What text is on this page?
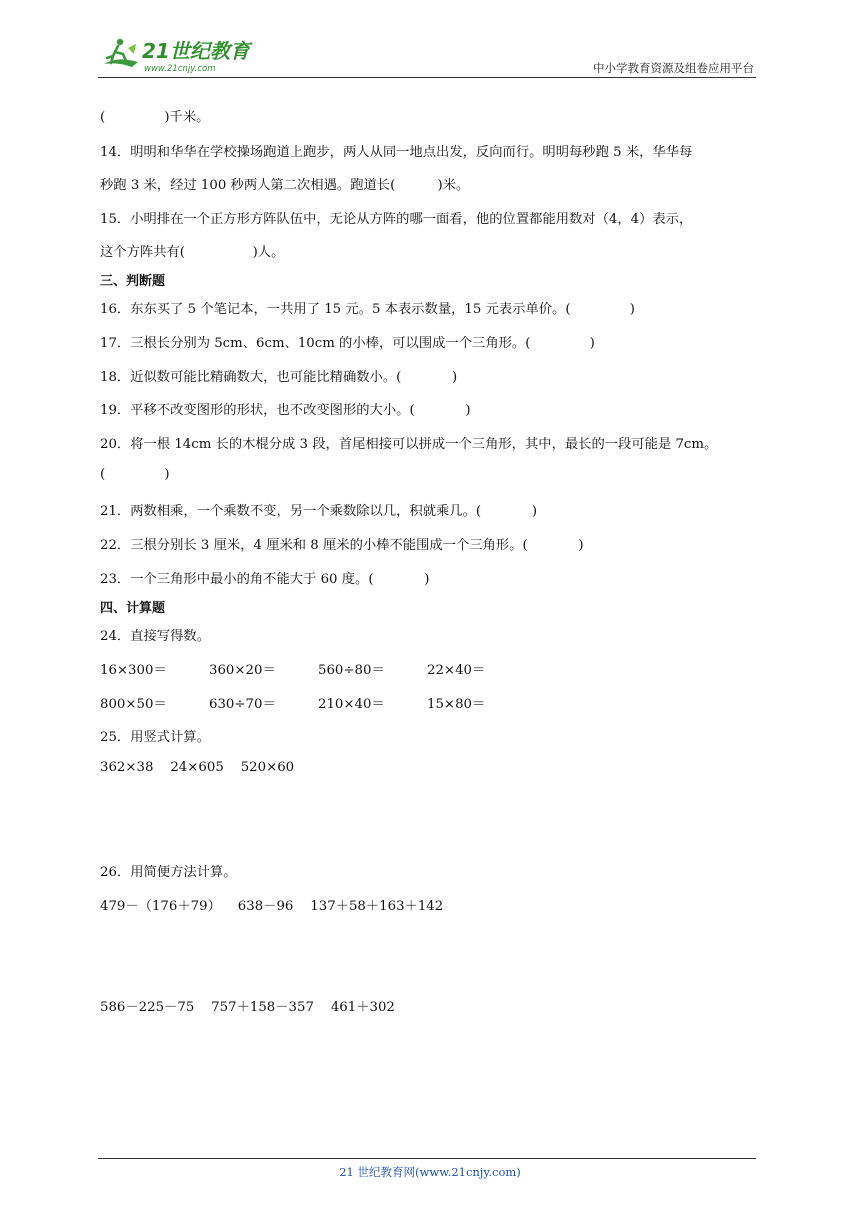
21世纪教育
www.21cnjy.com	中小学教育资源及组卷应用平台
(              )千米。
14．明明和华华在学校操场跑道上跑步，两人从同一地点出发，反向而行。明明每秒跑 5 米，华华每
秒跑 3 米，经过 100 秒两人第二次相遇。跑道长(          )米。
15．小明排在一个正方形方阵队伍中，无论从方阵的哪一面看，他的位置都能用数对（4，4）表示，
这个方阵共有(                )人。
三、判断题
16．东东买了 5 个笔记本，一共用了 15 元。5 本表示数量，15 元表示单价。(              )
17．三根长分别为 5cm、6cm、10cm 的小棒，可以围成一个三角形。(              )
18．近似数可能比精确数大，也可能比精确数小。(            )
19．平移不改变图形的形状，也不改变图形的大小。(            )
20．将一根 14cm 长的木棍分成 3 段，首尾相接可以拼成一个三角形，其中，最长的一段可能是 7cm。
(              )
21．两数相乘，一个乘数不变，另一个乘数除以几，积就乘几。(            )
22．三根分别长 3 厘米，4 厘米和 8 厘米的小棒不能围成一个三角形。(            )
23．一个三角形中最小的角不能大于 60 度。(            )
四、计算题
24．直接写得数。
16×300＝          360×20＝          560÷80＝          22×40＝
800×50＝          630÷70＝          210×40＝          15×80＝
25．用竖式计算。
362×38    24×605    520×60
26．用简便方法计算。
479－（176＋79）    638－96    137＋58＋163＋142
586－225－75    757＋158－357    461＋302
21 世纪教育网(www.21cnjy.com)
